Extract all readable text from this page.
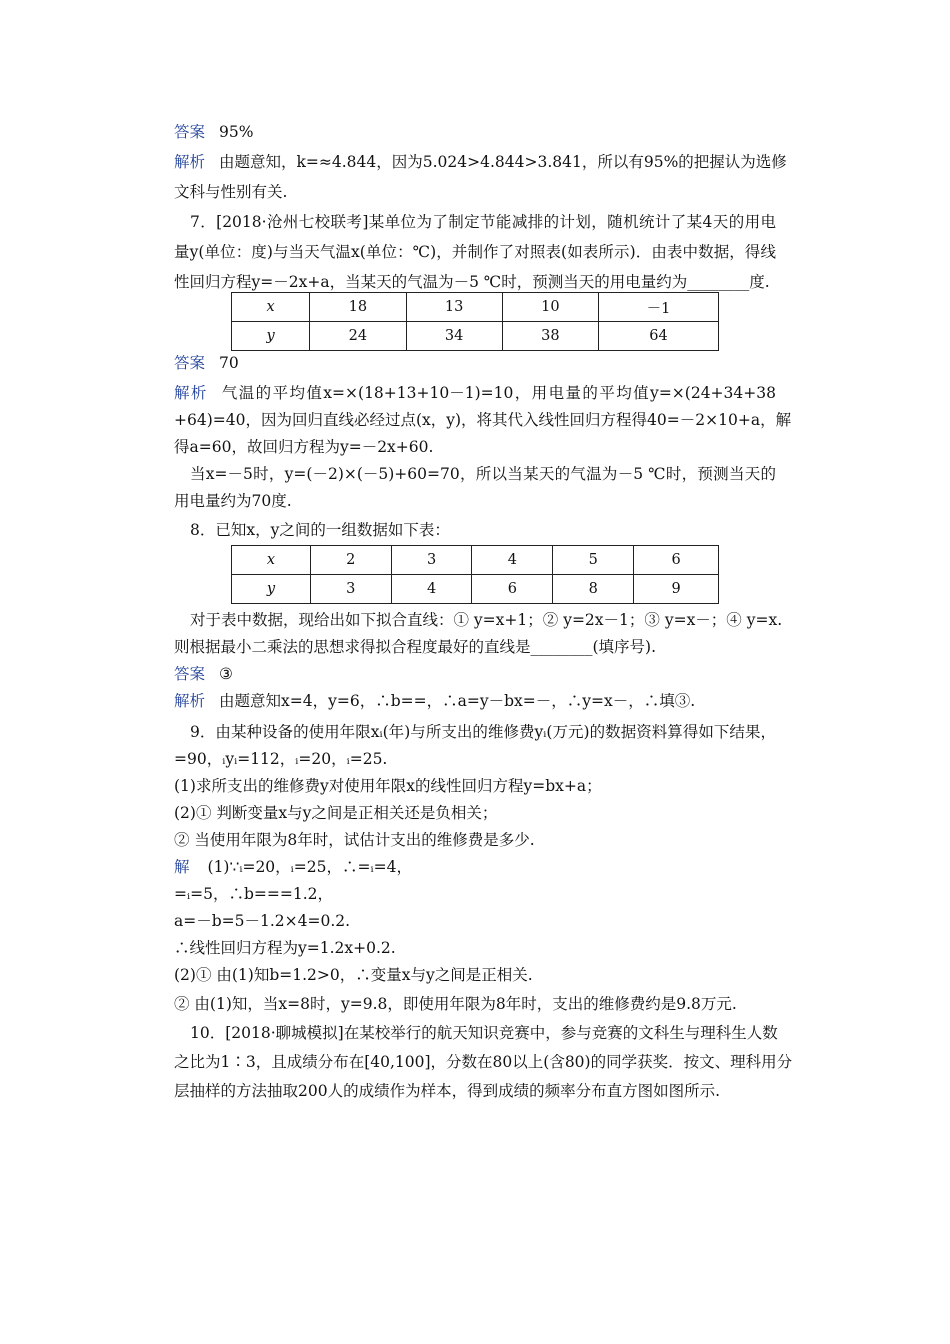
答案 95%
解析 由题意知，k=≈4.844，因为5.024>4.844>3.841，所以有95%的把握认为选修
文科与性别有关.
7．[2018·沧州七校联考]某单位为了制定节能减排的计划，随机统计了某4天的用电
量y(单位：度)与当天气温x(单位：℃)，并制作了对照表(如表所示)．由表中数据，得线
性回归方程y=－2x+a，当某天的气温为－5 ℃时，预测当天的用电量约为________度.
x	18	13	10	－1
y	24	34	38	64
答案 70
解析 气温的平均值x=×(18+13+10－1)=10，用电量的平均值y=×(24+34+38
+64)=40，因为回归直线必经过点(x，y)，将其代入线性回归方程得40=－2×10+a，解
得a=60，故回归方程为y=－2x+60.
当x=－5时，y=(－2)×(－5)+60=70，所以当某天的气温为－5 ℃时，预测当天的
用电量约为70度.
8．已知x，y之间的一组数据如下表：
x	2	3	4	5	6
y	3	4	6	8	9
对于表中数据，现给出如下拟合直线：① y=x+1；② y=2x－1；③ y=x－；④ y=x.
则根据最小二乘法的思想求得拟合程度最好的直线是________(填序号).
答案 ③
解析 由题意知x=4，y=6，∴b==，∴a=y－bx=－，∴y=x－，∴填③.
9．由某种设备的使用年限xᵢ(年)与所支出的维修费yᵢ(万元)的数据资料算得如下结果，
=90，ᵢyᵢ=112，ᵢ=20，ᵢ=25.
(1)求所支出的维修费y对使用年限x的线性回归方程y=bx+a；
(2)① 判断变量x与y之间是正相关还是负相关；
② 当使用年限为8年时，试估计支出的维修费是多少.
解 (1)∵ᵢ=20，ᵢ=25，∴=ᵢ=4，
=ᵢ=5，∴b===1.2，
a=－b=5－1.2×4=0.2.
∴线性回归方程为y=1.2x+0.2.
(2)① 由(1)知b=1.2>0，∴变量x与y之间是正相关.
② 由(1)知，当x=8时，y=9.8，即使用年限为8年时，支出的维修费约是9.8万元.
10．[2018·聊城模拟]在某校举行的航天知识竞赛中，参与竞赛的文科生与理科生人数
之比为1∶3，且成绩分布在[40,100]，分数在80以上(含80)的同学获奖．按文、理科用分
层抽样的方法抽取200人的成绩作为样本，得到成绩的频率分布直方图如图所示.
